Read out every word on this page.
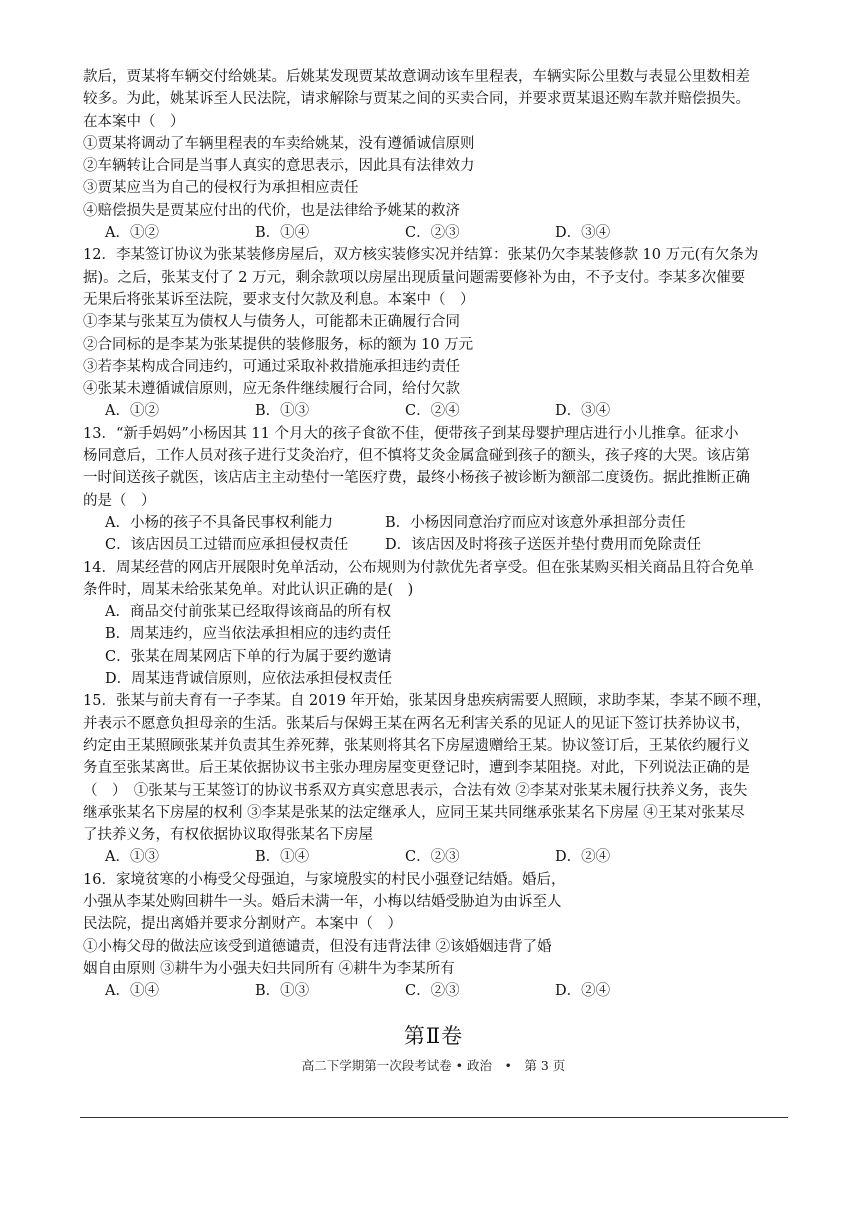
款后，贾某将车辆交付给姚某。后姚某发现贾某故意调动该车里程表，车辆实际公里数与表显公里数相差
较多。为此，姚某诉至人民法院，请求解除与贾某之间的买卖合同，并要求贾某退还购车款并赔偿损失。
在本案中（　）
①贾某将调动了车辆里程表的车卖给姚某，没有遵循诚信原则
②车辆转让合同是当事人真实的意思表示，因此具有法律效力
③贾某应当为自己的侵权行为承担相应责任
④赔偿损失是贾某应付出的代价，也是法律给予姚某的救济
A．①②	B．①④	C．②③	D．③④
12．李某签订协议为张某装修房屋后，双方核实装修实况并结算：张某仍欠李某装修款 10 万元(有欠条为
据)。之后，张某支付了 2 万元，剩余款项以房屋出现质量问题需要修补为由，不予支付。李某多次催要
无果后将张某诉至法院，要求支付欠款及利息。本案中（　）
①李某与张某互为债权人与债务人，可能都未正确履行合同
②合同标的是李某为张某提供的装修服务，标的额为 10 万元
③若李某构成合同违约，可通过采取补救措施承担违约责任
④张某未遵循诚信原则，应无条件继续履行合同，给付欠款
A．①②	B．①③	C．②④	D．③④
13．“新手妈妈”小杨因其 11 个月大的孩子食欲不佳，便带孩子到某母婴护理店进行小儿推拿。征求小
杨同意后，工作人员对孩子进行艾灸治疗，但不慎将艾灸金属盒碰到孩子的额头，孩子疼的大哭。该店第
一时间送孩子就医，该店店主主动垫付一笔医疗费，最终小杨孩子被诊断为额部二度烫伤。据此推断正确
的是（　）
A．小杨的孩子不具备民事权利能力	B．小杨因同意治疗而应对该意外承担部分责任
C．该店因员工过错而应承担侵权责任	D．该店因及时将孩子送医并垫付费用而免除责任
14．周某经营的网店开展限时免单活动，公布规则为付款优先者享受。但在张某购买相关商品且符合免单
条件时，周某未给张某免单。对此认识正确的是(　)
A．商品交付前张某已经取得该商品的所有权
B．周某违约，应当依法承担相应的违约责任
C．张某在周某网店下单的行为属于要约邀请
D．周某违背诚信原则，应依法承担侵权责任
15．张某与前夫育有一子李某。自 2019 年开始，张某因身患疾病需要人照顾，求助李某，李某不顾不理，
并表示不愿意负担母亲的生活。张某后与保姆王某在两名无利害关系的见证人的见证下签订扶养协议书，
约定由王某照顾张某并负责其生养死葬，张某则将其名下房屋遗赠给王某。协议签订后，王某依约履行义
务直至张某离世。后王某依据协议书主张办理房屋变更登记时，遭到李某阻挠。对此，下列说法正确的是
（　）　①张某与王某签订的协议书系双方真实意思表示，合法有效 ②李某对张某未履行扶养义务，丧失
继承张某名下房屋的权利 ③李某是张某的法定继承人，应同王某共同继承张某名下房屋 ④王某对张某尽
了扶养义务，有权依据协议取得张某名下房屋
A．①③	B．①④	C．②③	D．②④
16．家境贫寒的小梅受父母强迫，与家境殷实的村民小强登记结婚。婚后，
小强从李某处购回耕牛一头。婚后未满一年，小梅以结婚受胁迫为由诉至人
民法院，提出离婚并要求分割财产。本案中（　）
①小梅父母的做法应该受到道德谴责，但没有违背法律 ②该婚姻违背了婚
姻自由原则 ③耕牛为小强夫妇共同所有 ④耕牛为李某所有
A．①④	B．①③	C．②③	D．②④
第Ⅱ卷
高二下学期第一次段考试卷 • 政治　•　第 3 页
